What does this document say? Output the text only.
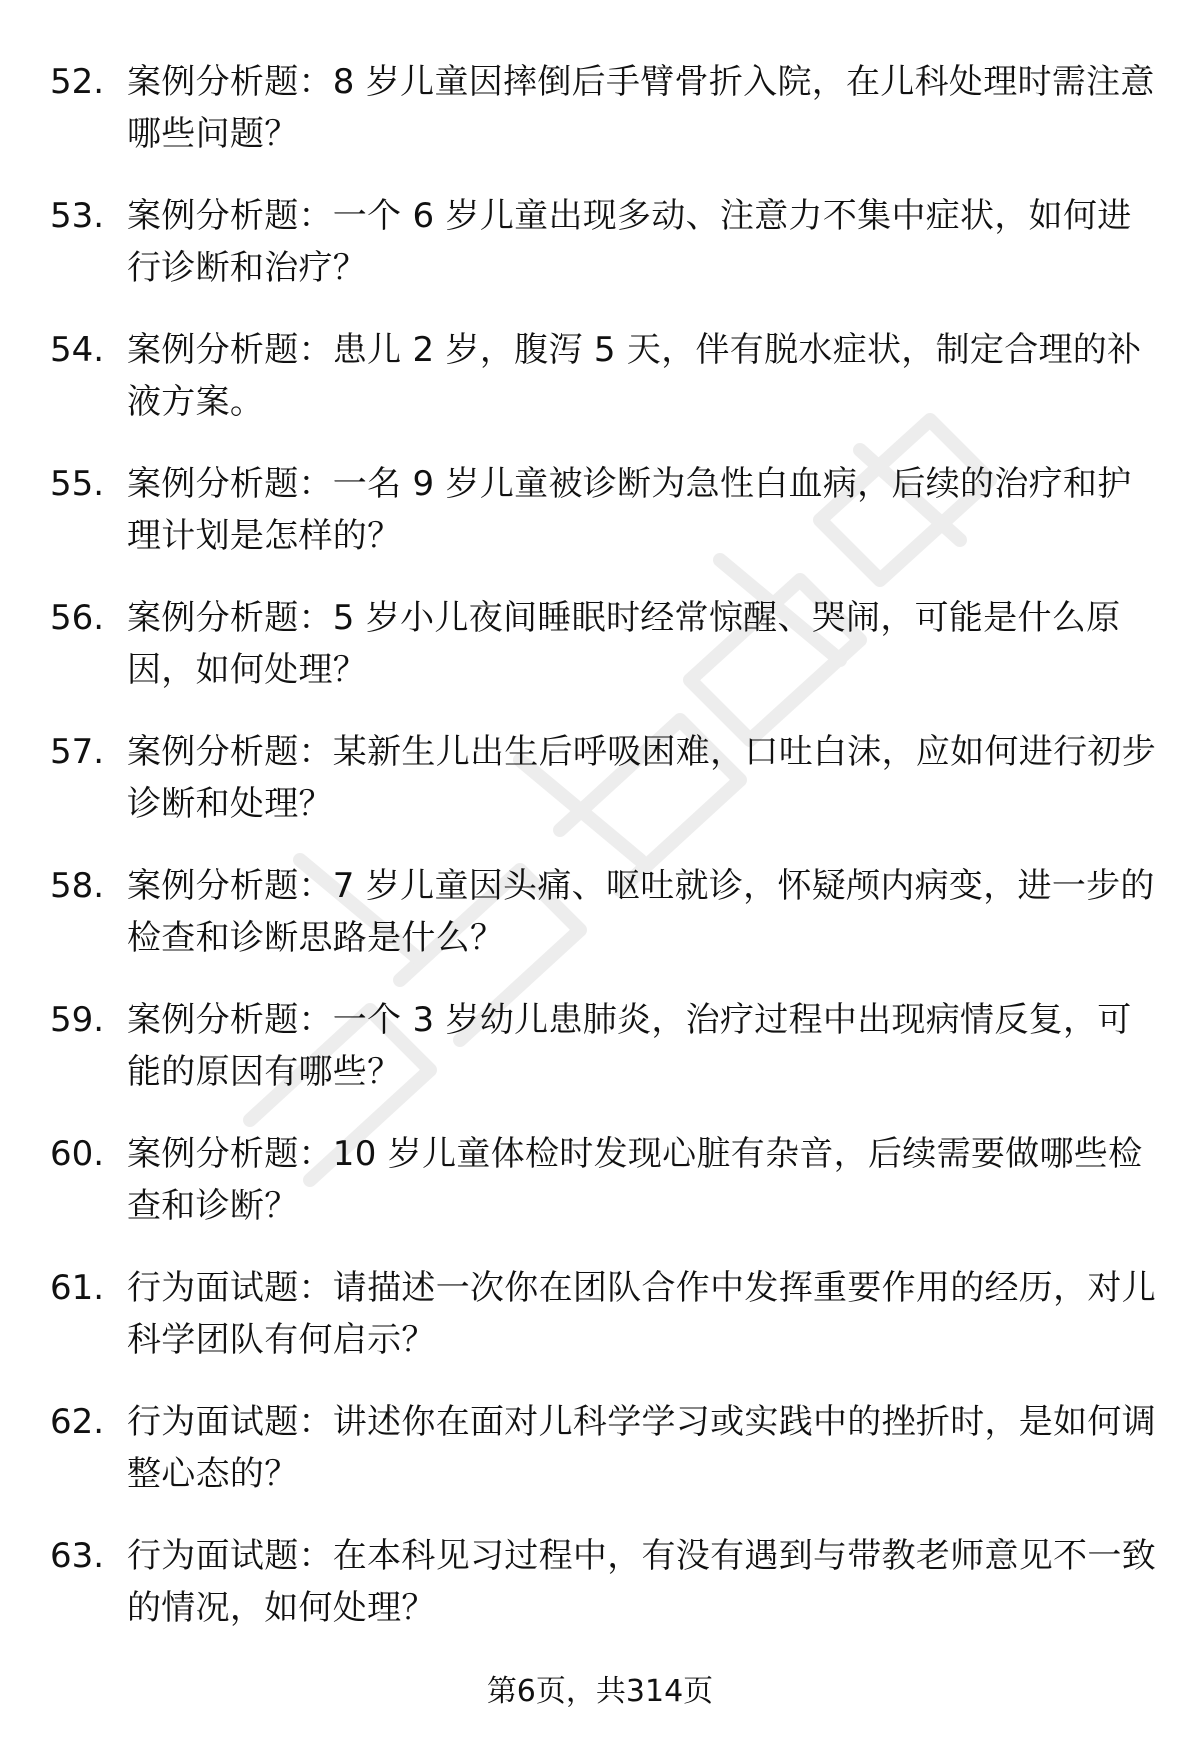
52. 案例分析题：8 岁儿童因摔倒后手臂骨折入院，在儿科处理时需注意哪些问题？
53. 案例分析题：一个 6 岁儿童出现多动、注意力不集中症状，如何进行诊断和治疗？
54. 案例分析题：患儿 2 岁，腹泻 5 天，伴有脱水症状，制定合理的补液方案。
55. 案例分析题：一名 9 岁儿童被诊断为急性白血病，后续的治疗和护理计划是怎样的？
56. 案例分析题：5 岁小儿夜间睡眠时经常惊醒、哭闹，可能是什么原因，如何处理？
57. 案例分析题：某新生儿出生后呼吸困难，口吐白沫，应如何进行初步诊断和处理？
58. 案例分析题：7 岁儿童因头痛、呕吐就诊，怀疑颅内病变，进一步的检查和诊断思路是什么？
59. 案例分析题：一个 3 岁幼儿患肺炎，治疗过程中出现病情反复，可能的原因有哪些？
60. 案例分析题：10 岁儿童体检时发现心脏有杂音，后续需要做哪些检查和诊断？
61. 行为面试题：请描述一次你在团队合作中发挥重要作用的经历，对儿科学团队有何启示？
62. 行为面试题：讲述你在面对儿科学学习或实践中的挫折时，是如何调整心态的？
63. 行为面试题：在本科见习过程中，有没有遇到与带教老师意见不一致的情况，如何处理？
第6页，共314页
